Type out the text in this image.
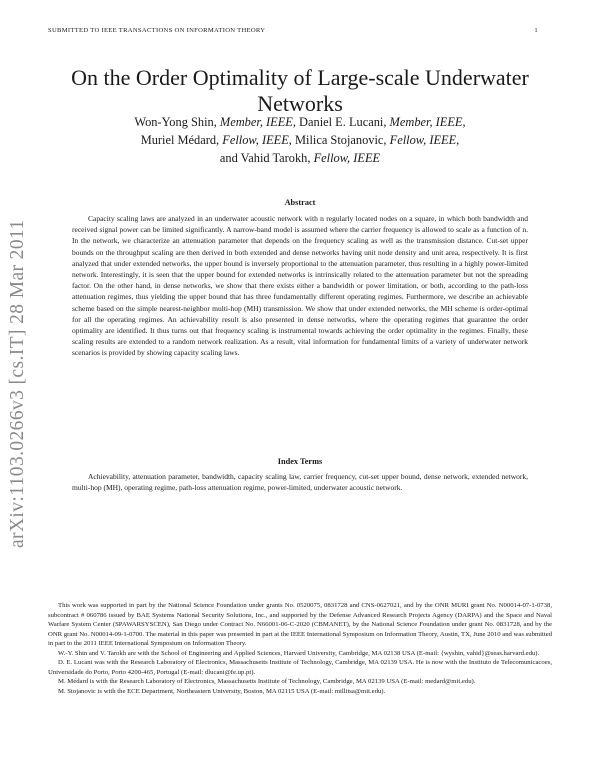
SUBMITTED TO IEEE TRANSACTIONS ON INFORMATION THEORY	1
arXiv:1103.0266v3 [cs.IT] 28 Mar 2011
On the Order Optimality of Large-scale Underwater Networks
Won-Yong Shin, Member, IEEE, Daniel E. Lucani, Member, IEEE,
Muriel Médard, Fellow, IEEE, Milica Stojanovic, Fellow, IEEE,
and Vahid Tarokh, Fellow, IEEE
Abstract

Capacity scaling laws are analyzed in an underwater acoustic network with n regularly located nodes on a square, in which both bandwidth and received signal power can be limited significantly. A narrow-band model is assumed where the carrier frequency is allowed to scale as a function of n. In the network, we characterize an attenuation parameter that depends on the frequency scaling as well as the transmission distance. Cut-set upper bounds on the throughput scaling are then derived in both extended and dense networks having unit node density and unit area, respectively. It is first analyzed that under extended networks, the upper bound is inversely proportional to the attenuation parameter, thus resulting in a highly power-limited network. Interestingly, it is seen that the upper bound for extended networks is intrinsically related to the attenuation parameter but not the spreading factor. On the other hand, in dense networks, we show that there exists either a bandwidth or power limitation, or both, according to the path-loss attenuation regimes, thus yielding the upper bound that has three fundamentally different operating regimes. Furthermore, we describe an achievable scheme based on the simple nearest-neighbor multi-hop (MH) transmission. We show that under extended networks, the MH scheme is order-optimal for all the operating regimes. An achievability result is also presented in dense networks, where the operating regimes that guarantee the order optimality are identified. It thus turns out that frequency scaling is instrumental towards achieving the order optimality in the regimes. Finally, these scaling results are extended to a random network realization. As a result, vital information for fundamental limits of a variety of underwater network scenarios is provided by showing capacity scaling laws.

Index Terms

Achievability, attenuation parameter, bandwidth, capacity scaling law, carrier frequency, cut-set upper bound, dense network, extended network, multi-hop (MH), operating regime, path-loss attenuation regime, power-limited, underwater acoustic network.

This work was supported in part by the National Science Foundation under grants No. 0520075, 0831728 and CNS-0627021, and by the ONR MURI grant No. N00014-07-1-0738, subcontract # 060786 issued by BAE Systems National Security Solutions, Inc., and supported by the Defense Advanced Research Projects Agency (DARPA) and the Space and Naval Warfare System Center (SPAWARSYSCEN), San Diego under Contract No. N66001-06-C-2020 (CBMANET), by the National Science Foundation under grant No. 0831728, and by the ONR grant No. N00014-09-1-0700. The material in this paper was presented in part at the IEEE International Symposium on Information Theory, Austin, TX, June 2010 and was submitted in part to the 2011 IEEE International Symposium on Information Theory.

W.-Y. Shin and V. Tarokh are with the School of Engineering and Applied Sciences, Harvard University, Cambridge, MA 02138 USA (E-mail: {wyshin, vahid}@seas.harvard.edu).

D. E. Lucani was with the Research Laboratory of Electronics, Massachusetts Institute of Technology, Cambridge, MA 02139 USA. He is now with the Instituto de Telecomunicacoes, Universidade do Porto, Porto 4200-465, Portugal (E-mail: dlucani@fe.up.pt).

M. Médard is with the Research Laboratory of Electronics, Massachusetts Institute of Technology, Cambridge, MA 02139 USA (E-mail: medard@mit.edu).

M. Stojanovic is with the ECE Department, Northeastern University, Boston, MA 02115 USA (E-mail: millitsa@mit.edu).
